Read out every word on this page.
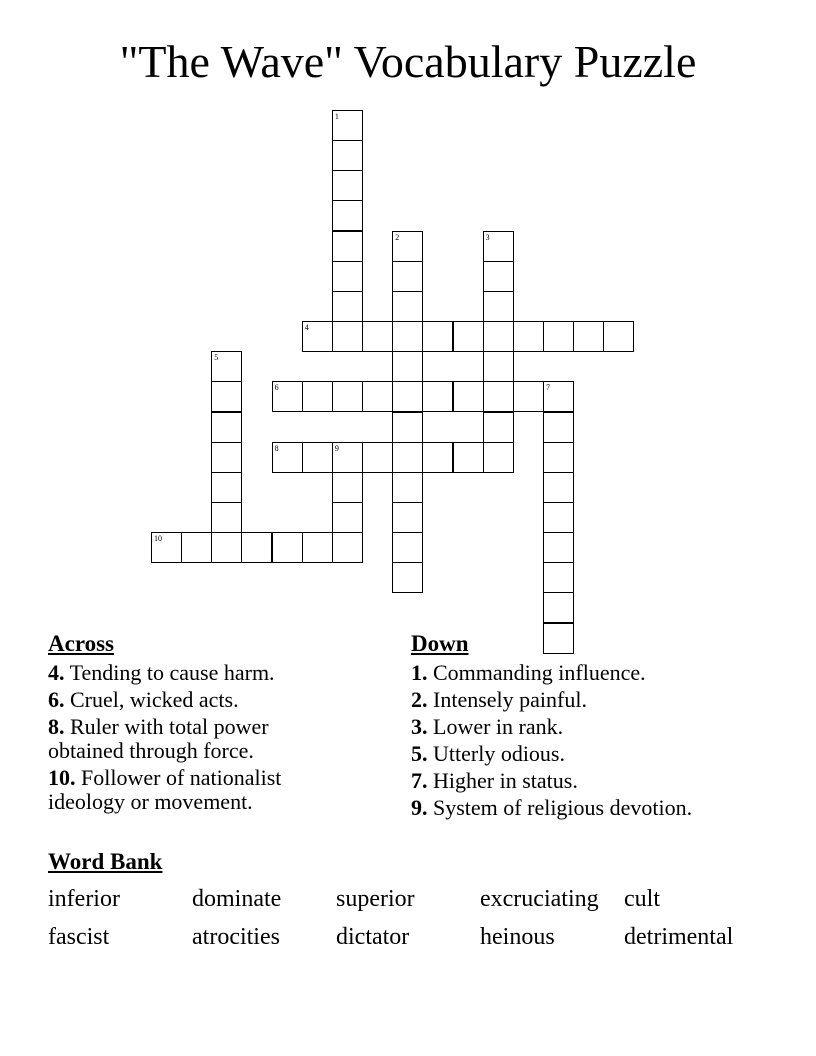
"The Wave" Vocabulary Puzzle
1
2	3
4
5
6	7
8	9
10
Across
4. Tending to cause harm.
6. Cruel, wicked acts.
8. Ruler with total power obtained through force.
10. Follower of nationalist ideology or movement.
Down
1. Commanding influence.
2. Intensely painful.
3. Lower in rank.
5. Utterly odious.
7. Higher in status.
9. System of religious devotion.
Word Bank
inferior	dominate	superior	excruciating	cult
fascist	atrocities	dictator	heinous	detrimental
